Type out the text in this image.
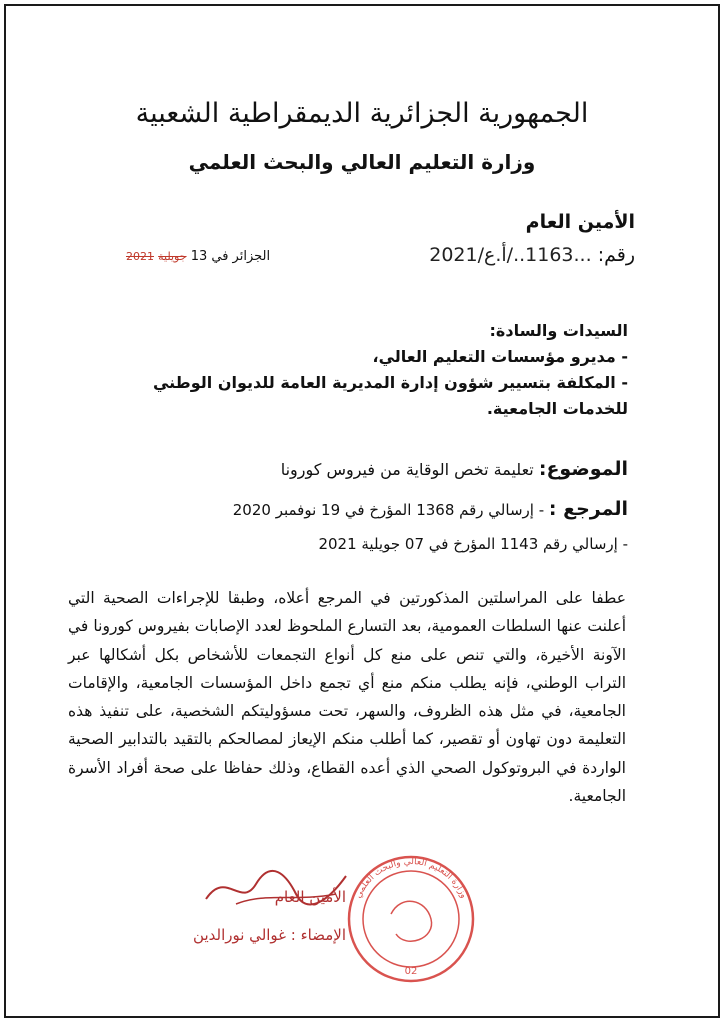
الجمهورية الجزائرية الديمقراطية الشعبية
وزارة التعليم العالي والبحث العلمي
الأمين العام
رقم: ...1163../أ.ع/2021
الجزائر في 13 جويلية 2021
السيدات والسادة:
- مديرو مؤسسات التعليم العالي،
- المكلفة بتسيير شؤون إدارة المديرية العامة للديوان الوطني
للخدمات الجامعية.
الموضوع: تعليمة تخص الوقاية من فيروس كورونا
المرجع : - إرسالي رقم 1368 المؤرخ في 19 نوفمبر 2020
- إرسالي رقم 1143 المؤرخ في 07 جويلية 2021
عطفا على المراسلتين المذكورتين في المرجع أعلاه، وطبقا للإجراءات الصحية التي أعلنت عنها السلطات العمومية، بعد التسارع الملحوظ لعدد الإصابات بفيروس كورونا في الآونة الأخيرة، والتي تنص على منع كل أنواع التجمعات للأشخاص بكل أشكالها عبر التراب الوطني، فإنه يطلب منكم منع أي تجمع داخل المؤسسات الجامعية، والإقامات الجامعية، في مثل هذه الظروف، والسهر، تحت مسؤوليتكم الشخصية، على تنفيذ هذه التعليمة دون تهاون أو تقصير، كما أطلب منكم الإيعاز لمصالحكم بالتقيد بالتدابير الصحية الواردة في البروتوكول الصحي الذي أعده القطاع، وذلك حفاظا على صحة أفراد الأسرة الجامعية.
الأمين العام
الإمضاء : غوالي نورالدين
وزارة التعليم العالي والبحث العلمي
02
